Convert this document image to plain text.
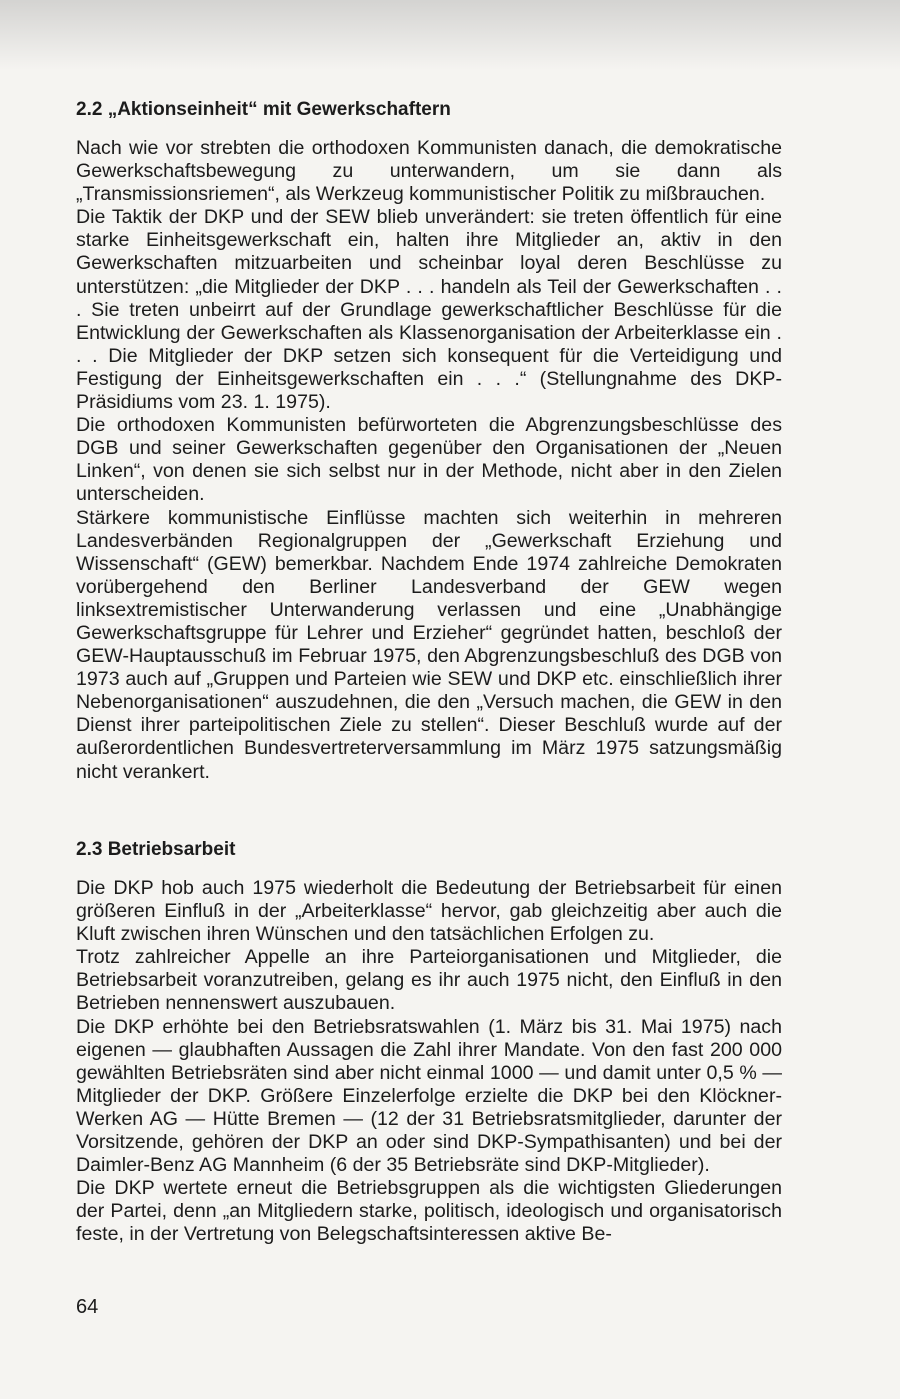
2.2 „Aktionseinheit“ mit Gewerkschaftern
Nach wie vor strebten die orthodoxen Kommunisten danach, die demokratische Gewerkschaftsbewegung zu unterwandern, um sie dann als „Transmissionsriemen“, als Werkzeug kommunistischer Politik zu mißbrauchen.
Die Taktik der DKP und der SEW blieb unverändert: sie treten öffentlich für eine starke Einheitsgewerkschaft ein, halten ihre Mitglieder an, aktiv in den Gewerkschaften mitzuarbeiten und scheinbar loyal deren Beschlüsse zu unterstützen: „die Mitglieder der DKP . . . handeln als Teil der Gewerkschaften . . . Sie treten unbeirrt auf der Grundlage gewerkschaftlicher Beschlüsse für die Entwicklung der Gewerkschaften als Klassenorganisation der Arbeiterklasse ein . . . Die Mitglieder der DKP setzen sich konsequent für die Verteidigung und Festigung der Einheitsgewerkschaften ein . . .“ (Stellungnahme des DKP-Präsidiums vom 23. 1. 1975).
Die orthodoxen Kommunisten befürworteten die Abgrenzungsbeschlüsse des DGB und seiner Gewerkschaften gegenüber den Organisationen der „Neuen Linken“, von denen sie sich selbst nur in der Methode, nicht aber in den Zielen unterscheiden.
Stärkere kommunistische Einflüsse machten sich weiterhin in mehreren Landesverbänden Regionalgruppen der „Gewerkschaft Erziehung und Wissenschaft“ (GEW) bemerkbar. Nachdem Ende 1974 zahlreiche Demokraten vorübergehend den Berliner Landesverband der GEW wegen linksextremistischer Unterwanderung verlassen und eine „Unabhängige Gewerkschaftsgruppe für Lehrer und Erzieher“ gegründet hatten, beschloß der GEW-Hauptausschuß im Februar 1975, den Abgrenzungsbeschluß des DGB von 1973 auch auf „Gruppen und Parteien wie SEW und DKP etc. einschließlich ihrer Nebenorganisationen“ auszudehnen, die den „Versuch machen, die GEW in den Dienst ihrer parteipolitischen Ziele zu stellen“. Dieser Beschluß wurde auf der außerordentlichen Bundesvertreterversammlung im März 1975 satzungsmäßig nicht verankert.
2.3 Betriebsarbeit
Die DKP hob auch 1975 wiederholt die Bedeutung der Betriebsarbeit für einen größeren Einfluß in der „Arbeiterklasse“ hervor, gab gleichzeitig aber auch die Kluft zwischen ihren Wünschen und den tatsächlichen Erfolgen zu.
Trotz zahlreicher Appelle an ihre Parteiorganisationen und Mitglieder, die Betriebsarbeit voranzutreiben, gelang es ihr auch 1975 nicht, den Einfluß in den Betrieben nennenswert auszubauen.
Die DKP erhöhte bei den Betriebsratswahlen (1. März bis 31. Mai 1975) nach eigenen — glaubhaften Aussagen die Zahl ihrer Mandate. Von den fast 200 000 gewählten Betriebsräten sind aber nicht einmal 1000 — und damit unter 0,5 % — Mitglieder der DKP. Größere Einzelerfolge erzielte die DKP bei den Klöckner-Werken AG — Hütte Bremen — (12 der 31 Betriebsratsmitglieder, darunter der Vorsitzende, gehören der DKP an oder sind DKP-Sympathisanten) und bei der Daimler-Benz AG Mannheim (6 der 35 Betriebsräte sind DKP-Mitglieder).
Die DKP wertete erneut die Betriebsgruppen als die wichtigsten Gliederungen der Partei, denn „an Mitgliedern starke, politisch, ideologisch und organisatorisch feste, in der Vertretung von Belegschaftsinteressen aktive Be-
64
